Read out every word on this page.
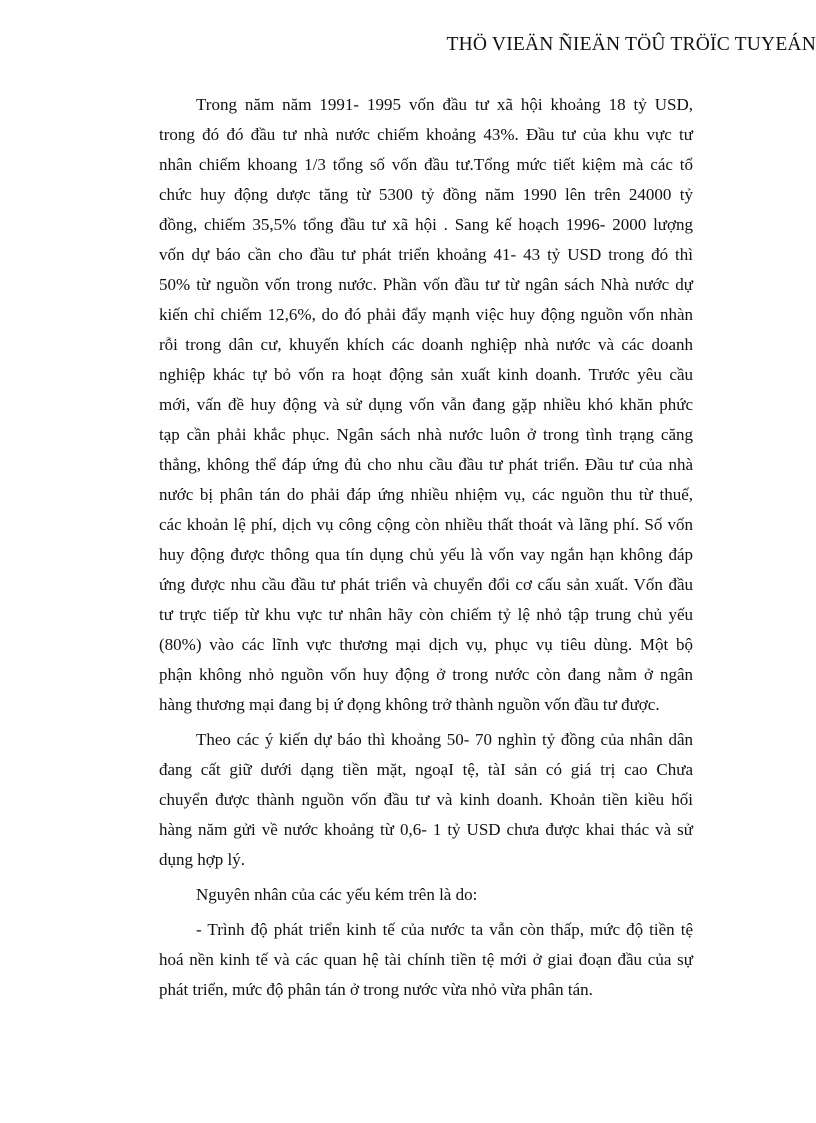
THÖ VIEÄN ÑIEÄN TÖÛ TRÖÏC TUYEÁN
Trong năm năm 1991- 1995 vốn đầu tư xã hội khoảng 18 tỷ USD,
trong đó đó đầu tư nhà nước chiếm khoảng 43%. Đầu tư của khu vực tư
nhân chiếm khoang 1/3 tổng số vốn đầu tư.Tổng mức tiết kiệm mà các tổ
chức huy động dược tăng từ 5300 tỷ đồng năm 1990 lên trên 24000 tỷ
đồng, chiếm 35,5% tổng đầu tư xã hội . Sang kế hoạch 1996- 2000 lượng
vốn dự báo cần cho đầu tư phát triển khoảng 41- 43 tỷ USD trong đó thì
50% từ nguồn vốn trong nước. Phần vốn đầu tư từ ngân sách Nhà nước dự
kiến chỉ chiếm 12,6%, do đó phải đẩy mạnh việc huy động nguồn vốn nhàn
rỗi trong dân cư, khuyến khích các doanh nghiệp nhà nước và các doanh
nghiệp khác tự bỏ vốn ra hoạt động sản xuất kinh doanh. Trước yêu cầu
mới, vấn đề huy động và sử dụng vốn vẫn đang gặp nhiều khó khăn phức
tạp cần phải khắc phục. Ngân sách nhà nước luôn ở trong tình trạng căng
thẳng, không thể đáp ứng đủ cho nhu cầu đầu tư phát triển. Đầu tư của nhà
nước bị phân tán do phải đáp ứng nhiều nhiệm vụ, các nguồn thu từ thuế,
các khoản lệ phí, dịch vụ công cộng còn nhiều thất thoát và lãng phí. Số vốn
huy động được thông qua tín dụng chủ yếu là vốn vay ngắn hạn không đáp
ứng được nhu cầu đầu tư phát triển và chuyển đổi cơ cấu sản xuất. Vốn đầu
tư trực tiếp từ khu vực tư nhân hãy còn chiếm tỷ lệ nhỏ tập trung chủ yếu
(80%) vào các lĩnh vực thương mại dịch vụ, phục vụ tiêu dùng. Một bộ
phận không nhỏ nguồn vốn huy động ở trong nước còn đang nằm ở ngân
hàng thương mại đang bị ứ đọng không trở thành nguồn vốn đầu tư được.
Theo các ý kiến dự báo thì khoảng 50- 70 nghìn tỷ đồng của nhân dân
đang cất giữ dưới dạng tiền mặt, ngoạI tệ, tàI sản có giá trị cao Chưa
chuyển được thành nguồn vốn đầu tư và kinh doanh. Khoản tiền kiều hối
hàng năm gửi về nước khoảng từ 0,6- 1 tỷ USD chưa được khai thác và sử
dụng hợp lý.
Nguyên nhân của các yếu kém trên là do:
- Trình độ phát triển kinh tế của nước ta vẫn còn thấp, mức độ tiền tệ
hoá nền kinh tế và các quan hệ tài chính tiền tệ mới ở giai đoạn đầu của sự
phát triển, mức độ phân tán ở trong nước vừa nhỏ vừa phân tán.
